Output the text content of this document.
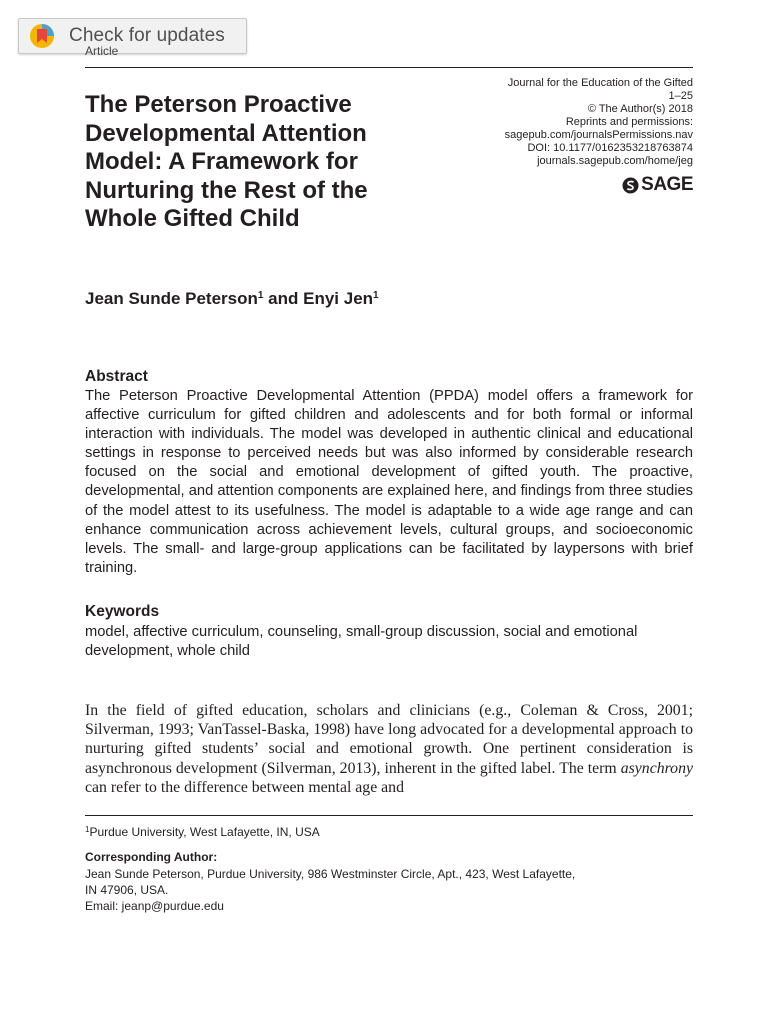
Check for updates
Article
Journal for the Education of the Gifted
1–25
© The Author(s) 2018
Reprints and permissions:
sagepub.com/journalsPermissions.nav
DOI: 10.1177/0162353218763874
journals.sagepub.com/home/jeg
SAGE
The Peterson Proactive Developmental Attention Model: A Framework for Nurturing the Rest of the Whole Gifted Child
Jean Sunde Peterson$^1$ and Enyi Jen$^1$
Abstract
The Peterson Proactive Developmental Attention (PPDA) model offers a framework for affective curriculum for gifted children and adolescents and for both formal or informal interaction with individuals. The model was developed in authentic clinical and educational settings in response to perceived needs but was also informed by considerable research focused on the social and emotional development of gifted youth. The proactive, developmental, and attention components are explained here, and findings from three studies of the model attest to its usefulness. The model is adaptable to a wide age range and can enhance communication across achievement levels, cultural groups, and socioeconomic levels. The small- and large-group applications can be facilitated by laypersons with brief training.
Keywords
model, affective curriculum, counseling, small-group discussion, social and emotional development, whole child
In the field of gifted education, scholars and clinicians (e.g., Coleman & Cross, 2001; Silverman, 1993; VanTassel-Baska, 1998) have long advocated for a developmental approach to nurturing gifted students’ social and emotional growth. One pertinent consideration is asynchronous development (Silverman, 2013), inherent in the gifted label. The term asynchrony can refer to the difference between mental age and
$^1$Purdue University, West Lafayette, IN, USA
Corresponding Author:
Jean Sunde Peterson, Purdue University, 986 Westminster Circle, Apt., 423, West Lafayette,
IN 47906, USA.
Email: jeanp@purdue.edu
